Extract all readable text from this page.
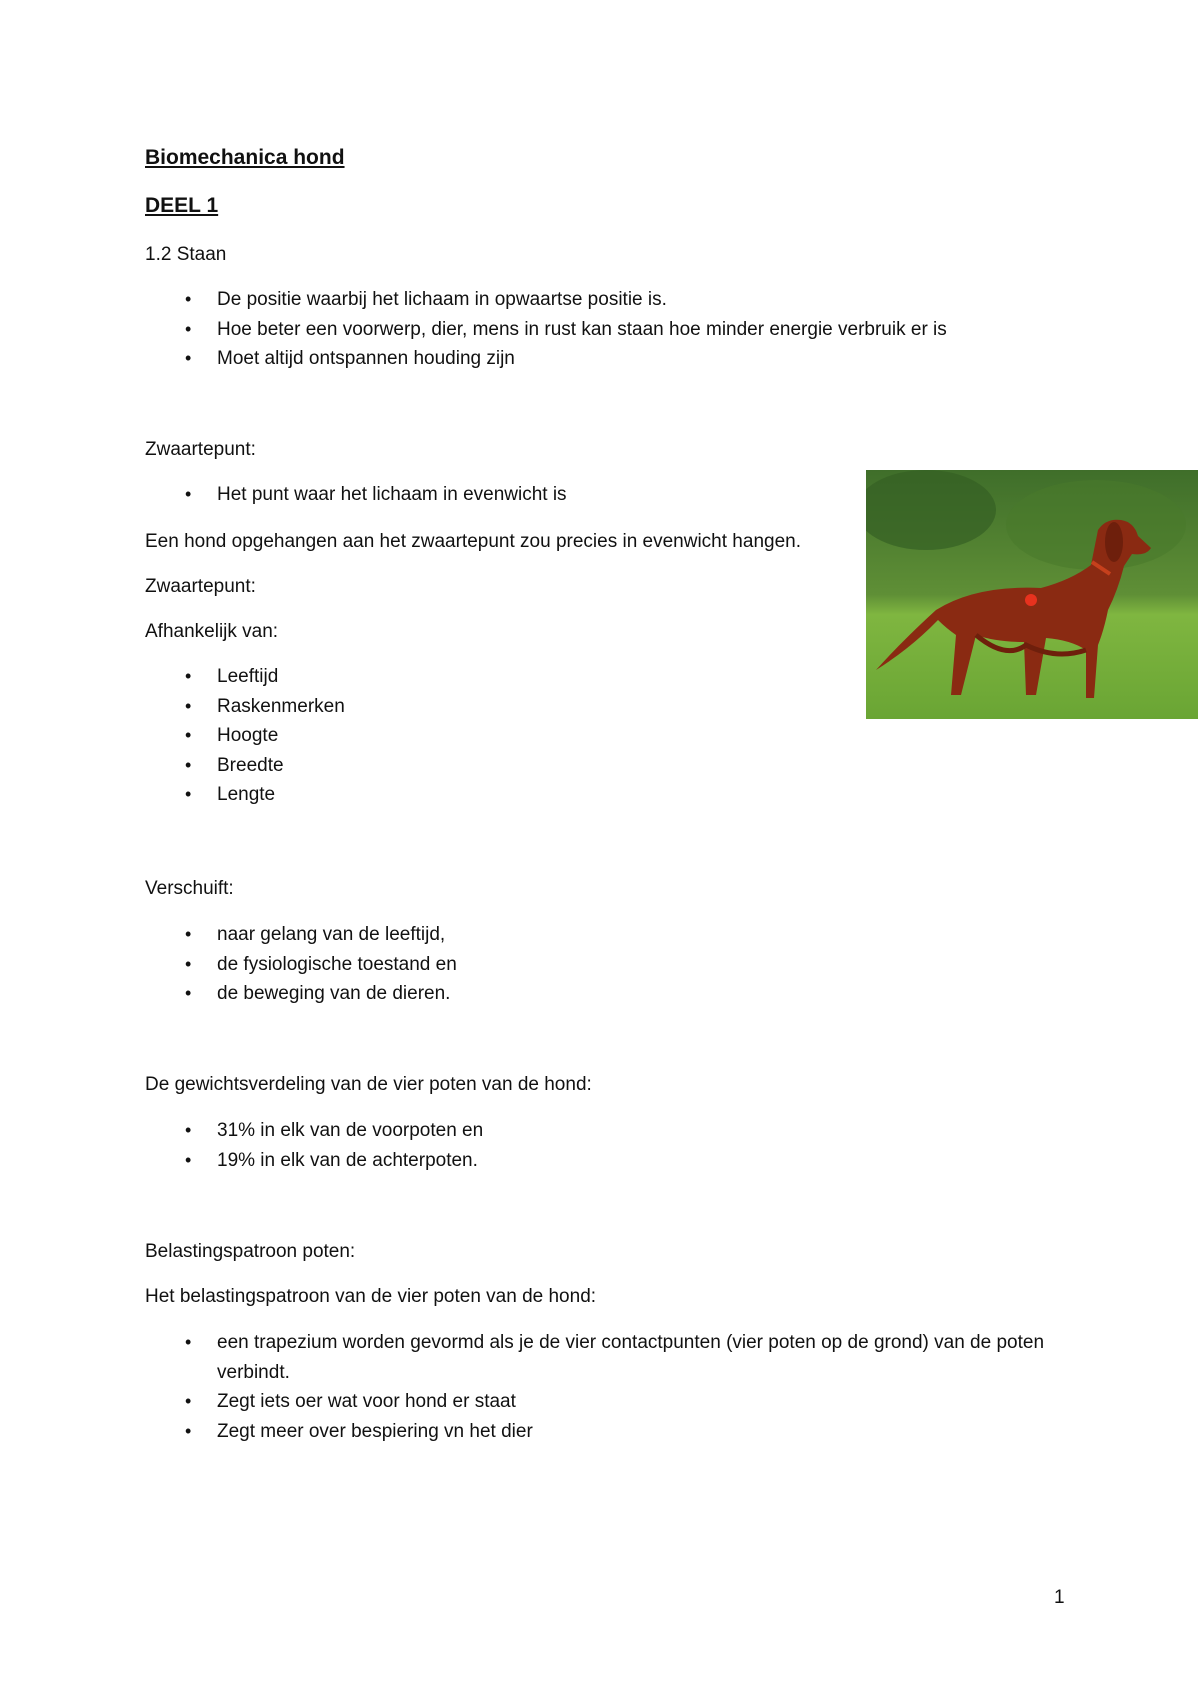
Biomechanica hond
DEEL 1
1.2 Staan
• De positie waarbij het lichaam in opwaartse positie is.
• Hoe beter een voorwerp, dier, mens in rust kan staan hoe minder energie verbruik er is
• Moet altijd ontspannen houding zijn
Zwaartepunt:
• Het punt waar het lichaam in evenwicht is
Een hond opgehangen aan het zwaartepunt zou precies in evenwicht hangen.
Zwaartepunt:
Afhankelijk van:
• Leeftijd
• Raskenmerken
• Hoogte
• Breedte
• Lengte
Verschuift:
• naar gelang van de leeftijd,
• de fysiologische toestand en
• de beweging van de dieren.
De gewichtsverdeling van de vier poten van de hond:
• 31% in elk van de voorpoten en
• 19% in elk van de achterpoten.
Belastingspatroon poten:
Het belastingspatroon van de vier poten van de hond:
• een trapezium worden gevormd als je de vier contactpunten (vier poten op de grond) van de poten verbindt.
• Zegt iets oer wat voor hond er staat
• Zegt meer over bespiering vn het dier
1
